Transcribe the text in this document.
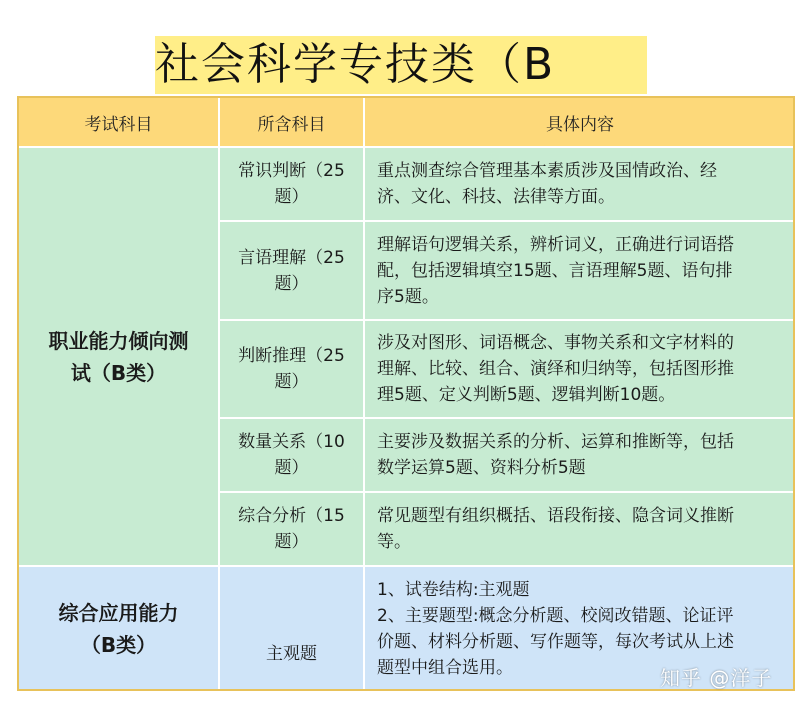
社会科学专技类（B
考试科目	所含科目	具体内容
职业能力倾向测
试（B类）	常识判断（25
题）	重点测查综合管理基本素质涉及国情政治、经
济、文化、科技、法律等方面。

	言语理解（25
题）	理解语句逻辑关系，辨析词义，正确进行词语搭
配，包括逻辑填空15题、言语理解5题、语句排
序5题。

	判断推理（25
题）	涉及对图形、词语概念、事物关系和文字材料的
理解、比较、组合、演绎和归纳等，包括图形推
理5题、定义判断5题、逻辑判断10题。

	数量关系（10
题）	主要涉及数据关系的分析、运算和推断等，包括
数学运算5题、资料分析5题

	综合分析（15
题）	常见题型有组织概括、语段衔接、隐含词义推断
等。

综合应用能力
（B类）	主观题	1、试卷结构:主观题
2、主要题型:概念分析题、校阅改错题、论证评
价题、材料分析题、写作题等，每次考试从上述
题型中组合选用。	知乎 @洋子
